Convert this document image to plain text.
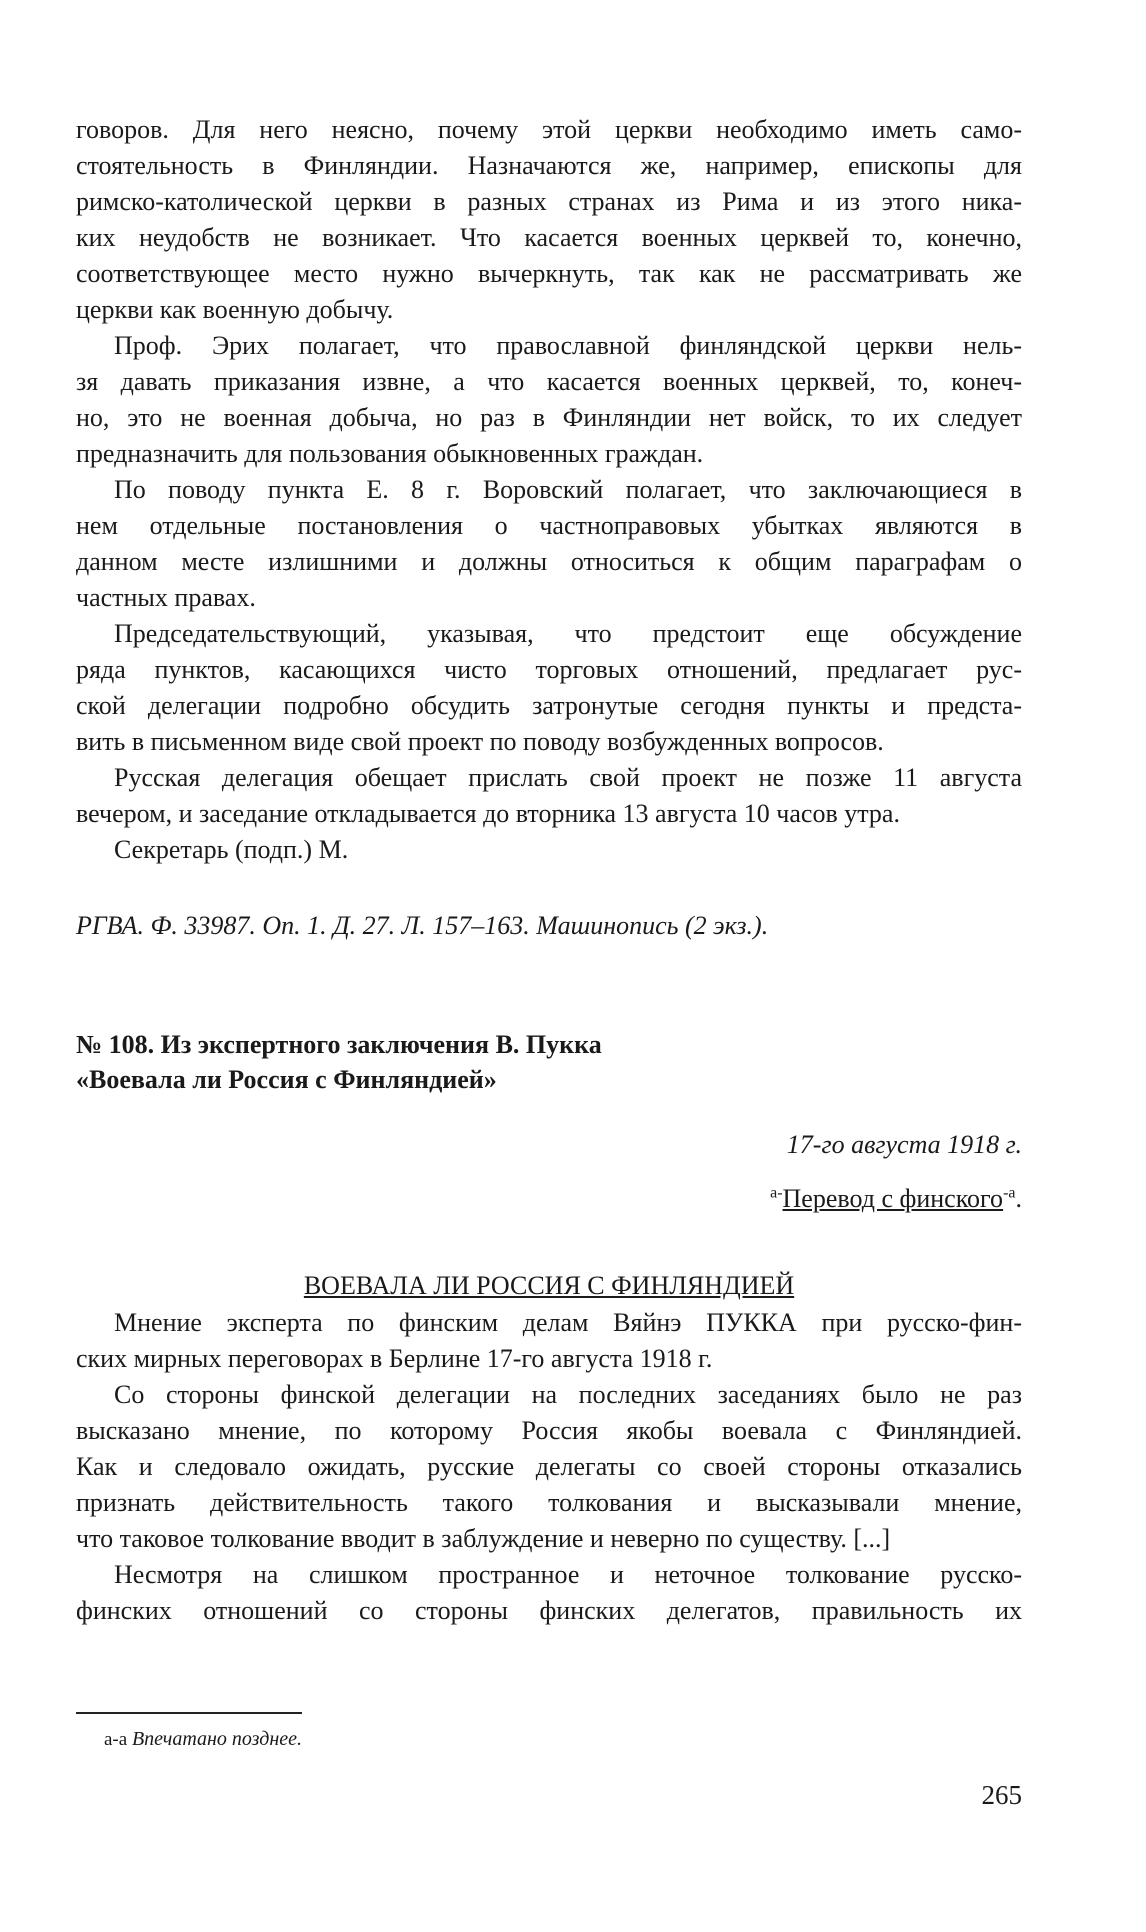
говоров. Для него неясно, почему этой церкви необходимо иметь само-
стоятельность в Финляндии. Назначаются же, например, епископы для
римско-католической церкви в разных странах из Рима и из этого ника-
ких неудобств не возникает. Что касается военных церквей то, конечно,
соответствующее место нужно вычеркнуть, так как не рассматривать же
церкви как военную добычу.
Проф. Эрих полагает, что православной финляндской церкви нель-
зя давать приказания извне, а что касается военных церквей, то, конеч-
но, это не военная добыча, но раз в Финляндии нет войск, то их следует
предназначить для пользования обыкновенных граждан.
По поводу пункта Е. 8 г. Воровский полагает, что заключающиеся в
нем отдельные постановления о частноправовых убытках являются в
данном месте излишними и должны относиться к общим параграфам о
частных правах.
Председательствующий, указывая, что предстоит еще обсуждение
ряда пунктов, касающихся чисто торговых отношений, предлагает рус-
ской делегации подробно обсудить затронутые сегодня пункты и предста-
вить в письменном виде свой проект по поводу возбужденных вопросов.
Русская делегация обещает прислать свой проект не позже 11 августа
вечером, и заседание откладывается до вторника 13 августа 10 часов утра.
Секретарь (подп.) М.
РГВА. Ф. 33987. Оп. 1. Д. 27. Л. 157–163. Машинопись (2 экз.).
№ 108. Из экспертного заключения В. Пукка
«Воевала ли Россия с Финляндией»
17-го августа 1918 г.
$^{а-}$Перевод с финского$^{-а}$.
ВОЕВАЛА ЛИ РОССИЯ С ФИНЛЯНДИЕЙ
Мнение эксперта по финским делам Вяйнэ ПУККА при русско-фин-
ских мирных переговорах в Берлине 17-го августа 1918 г.
Со стороны финской делегации на последних заседаниях было не раз
высказано мнение, по которому Россия якобы воевала с Финляндией.
Как и следовало ожидать, русские делегаты со своей стороны отказались
признать действительность такого толкования и высказывали мнение,
что таковое толкование вводит в заблуждение и неверно по существу. [...]
Несмотря на слишком пространное и неточное толкование русско-
финских отношений со стороны финских делегатов, правильность их
а-а Впечатано позднее.
265
